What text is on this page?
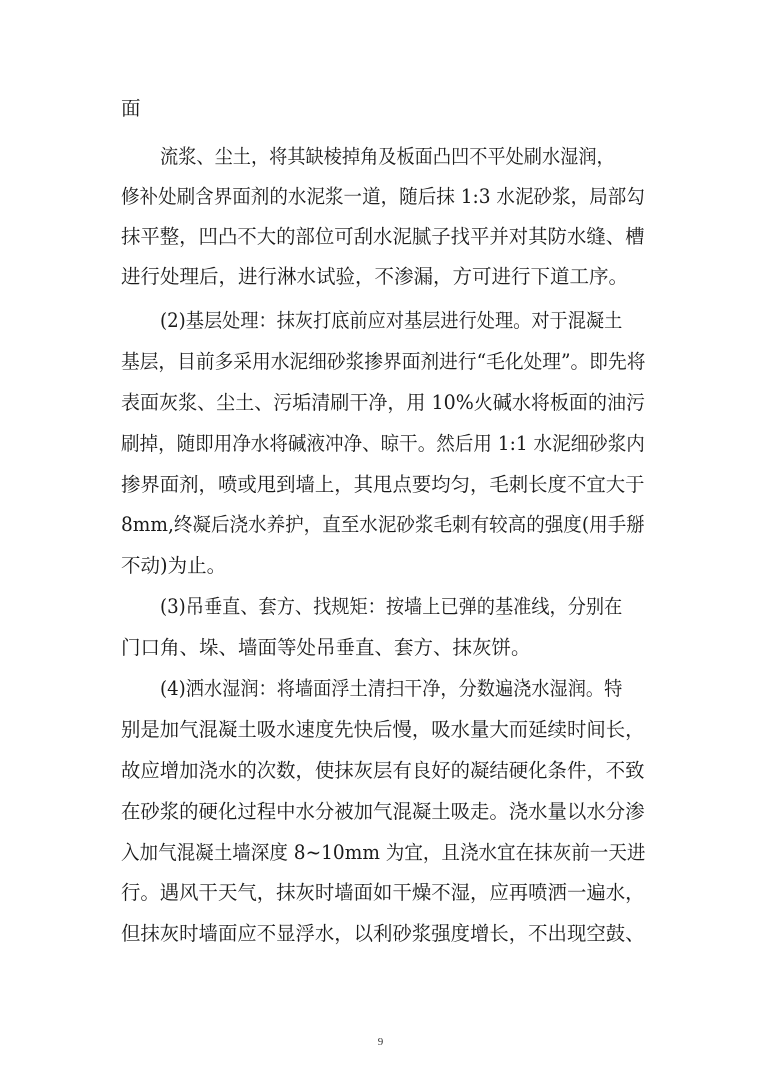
面
流浆、尘土，将其缺棱掉角及板面凸凹不平处刷水湿润，
修补处刷含界面剂的水泥浆一道，随后抹 1:3 水泥砂浆，局部勾
抹平整，凹凸不大的部位可刮水泥腻子找平并对其防水缝、槽
进行处理后，进行淋水试验，不渗漏，方可进行下道工序。
(2)基层处理：抹灰打底前应对基层进行处理。对于混凝土
基层，目前多采用水泥细砂浆掺界面剂进行“毛化处理”。即先将
表面灰浆、尘土、污垢清刷干净，用 10%火碱水将板面的油污
刷掉，随即用净水将碱液冲净、晾干。然后用 1:1 水泥细砂浆内
掺界面剂，喷或甩到墙上，其甩点要均匀，毛刺长度不宜大于
8mm,终凝后浇水养护，直至水泥砂浆毛刺有较高的强度(用手掰
不动)为止。
(3)吊垂直、套方、找规矩：按墙上已弹的基准线，分别在
门口角、垛、墙面等处吊垂直、套方、抹灰饼。
(4)洒水湿润：将墙面浮土清扫干净，分数遍浇水湿润。特
别是加气混凝土吸水速度先快后慢，吸水量大而延续时间长，
故应增加浇水的次数，使抹灰层有良好的凝结硬化条件，不致
在砂浆的硬化过程中水分被加气混凝土吸走。浇水量以水分渗
入加气混凝土墙深度 8~10mm 为宜，且浇水宜在抹灰前一天进
行。遇风干天气，抹灰时墙面如干燥不湿，应再喷洒一遍水，
但抹灰时墙面应不显浮水，以利砂浆强度增长，不出现空鼓、
9
